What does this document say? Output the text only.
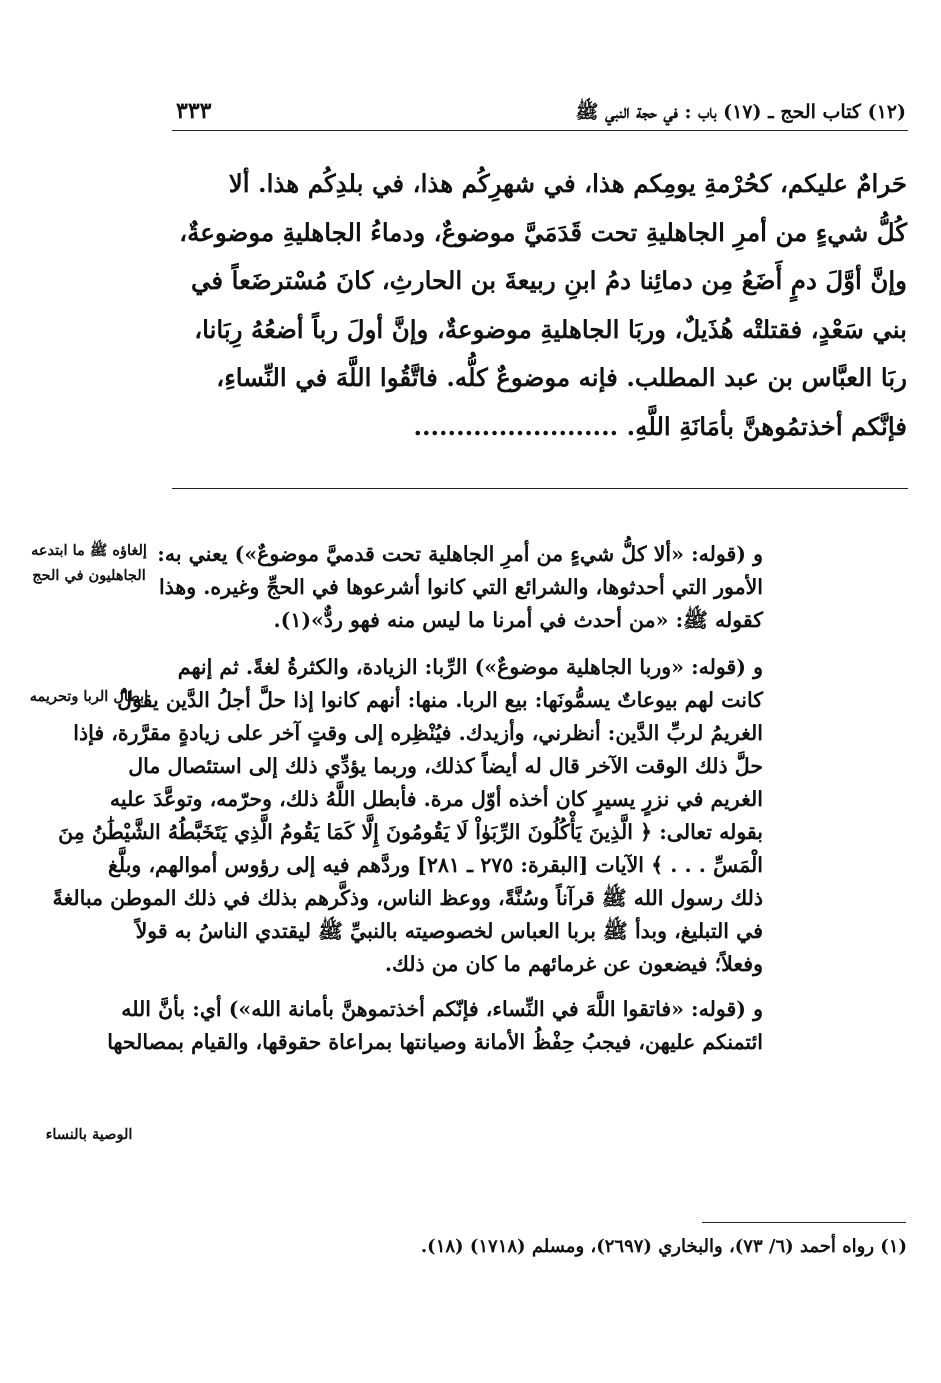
(١٢) كتاب الحج ـ (١٧) باب : في حجة النبي ﷺ
٣٣٣
حَرامٌ عليكم، كحُرْمةِ يومِكم هذا، في شهرِكُم هذا، في بلدِكُم هذا. ألا
كُلُّ شيءٍ من أمرِ الجاهليةِ تحت قَدَمَيَّ موضوعٌ، ودماءُ الجاهليةِ موضوعةٌ،
وإنَّ أوَّلَ دمٍ أَضَعُ مِن دمائِنا دمُ ابنِ ربيعةَ بن الحارثِ، كانَ مُسْترضَعاً في
بني سَعْدٍ، فقتلتْه هُذَيلٌ، وربَا الجاهليةِ موضوعةٌ، وإنَّ أولَ رباً أضعُهُ رِبَانا،
ربَا العبَّاس بن عبد المطلب. فإنه موضوعٌ كلُّه. فاتَّقُوا اللَّهَ في النِّساءِ،
فإنَّكم أخذتمُوهنَّ بأمَانَةِ اللَّهِ. ........................
إلغاؤه ﷺ ما ابتدعه الجاهليون في الحج
إبطال الربا وتحريمه
الوصية بالنساء
و (قوله: «ألا كلُّ شيءٍ من أمرِ الجاهلية تحت قدميَّ موضوعٌ») يعني به:
الأمور التي أحدثوها، والشرائع التي كانوا أشرعوها في الحجِّ وغيره. وهذا
كقوله ﷺ: «من أحدث في أمرنا ما ليس منه فهو ردٌّ»(١).
و (قوله: «وربا الجاهلية موضوعٌ») الرِّبا: الزيادة، والكثرةُ لغةً. ثم إنهم
كانت لهم بيوعاتٌ يسمُّونَها: بيع الربا. منها: أنهم كانوا إذا حلَّ أجلُ الدَّين يقولُ
الغريمُ لربِّ الدَّين: أنظرني، وأزيدك. فيُنْظِره إلى وقتٍ آخر على زيادةٍ مقرَّرة، فإذا
حلَّ ذلك الوقت الآخر قال له أيضاً كذلك، وربما يؤدِّي ذلك إلى استئصال مال
الغريم في نزرٍ يسيرٍ كان أخذه أوّل مرة. فأبطل اللَّهُ ذلك، وحرّمه، وتوعَّدَ عليه
بقوله تعالى: ﴿ الَّذِينَ يَأْكُلُونَ الرِّبَوٰاْ لَا يَقُومُونَ إِلَّا كَمَا يَقُومُ الَّذِي يَتَخَبَّطُهُ الشَّيْطَٰنُ مِنَ
الْمَسِّ . . . ﴾ الآيات [البقرة: ٢٧٥ ـ ٢٨١] وردَّهم فيه إلى رؤوس أموالهم، وبلَّغ
ذلك رسول الله ﷺ قرآناً وسُنَّةً، ووعظ الناس، وذكَّرهم بذلك في ذلك الموطن مبالغةً
في التبليغ، وبدأ ﷺ بربا العباس لخصوصيته بالنبيِّ ﷺ ليقتدي الناسُ به قولاً
وفعلاً؛ فيضعون عن غرمائهم ما كان من ذلك.
و (قوله: «فاتقوا اللَّهَ في النِّساء، فإنّكم أخذتموهنَّ بأمانة الله») أي: بأنَّ الله
ائتمنكم عليهن، فيجبُ حِفْظُ الأمانة وصيانتها بمراعاة حقوقها، والقيام بمصالحها
(١) رواه أحمد (٦/ ٧٣)، والبخاري (٢٦٩٧)، ومسلم (١٧١٨) (١٨).
